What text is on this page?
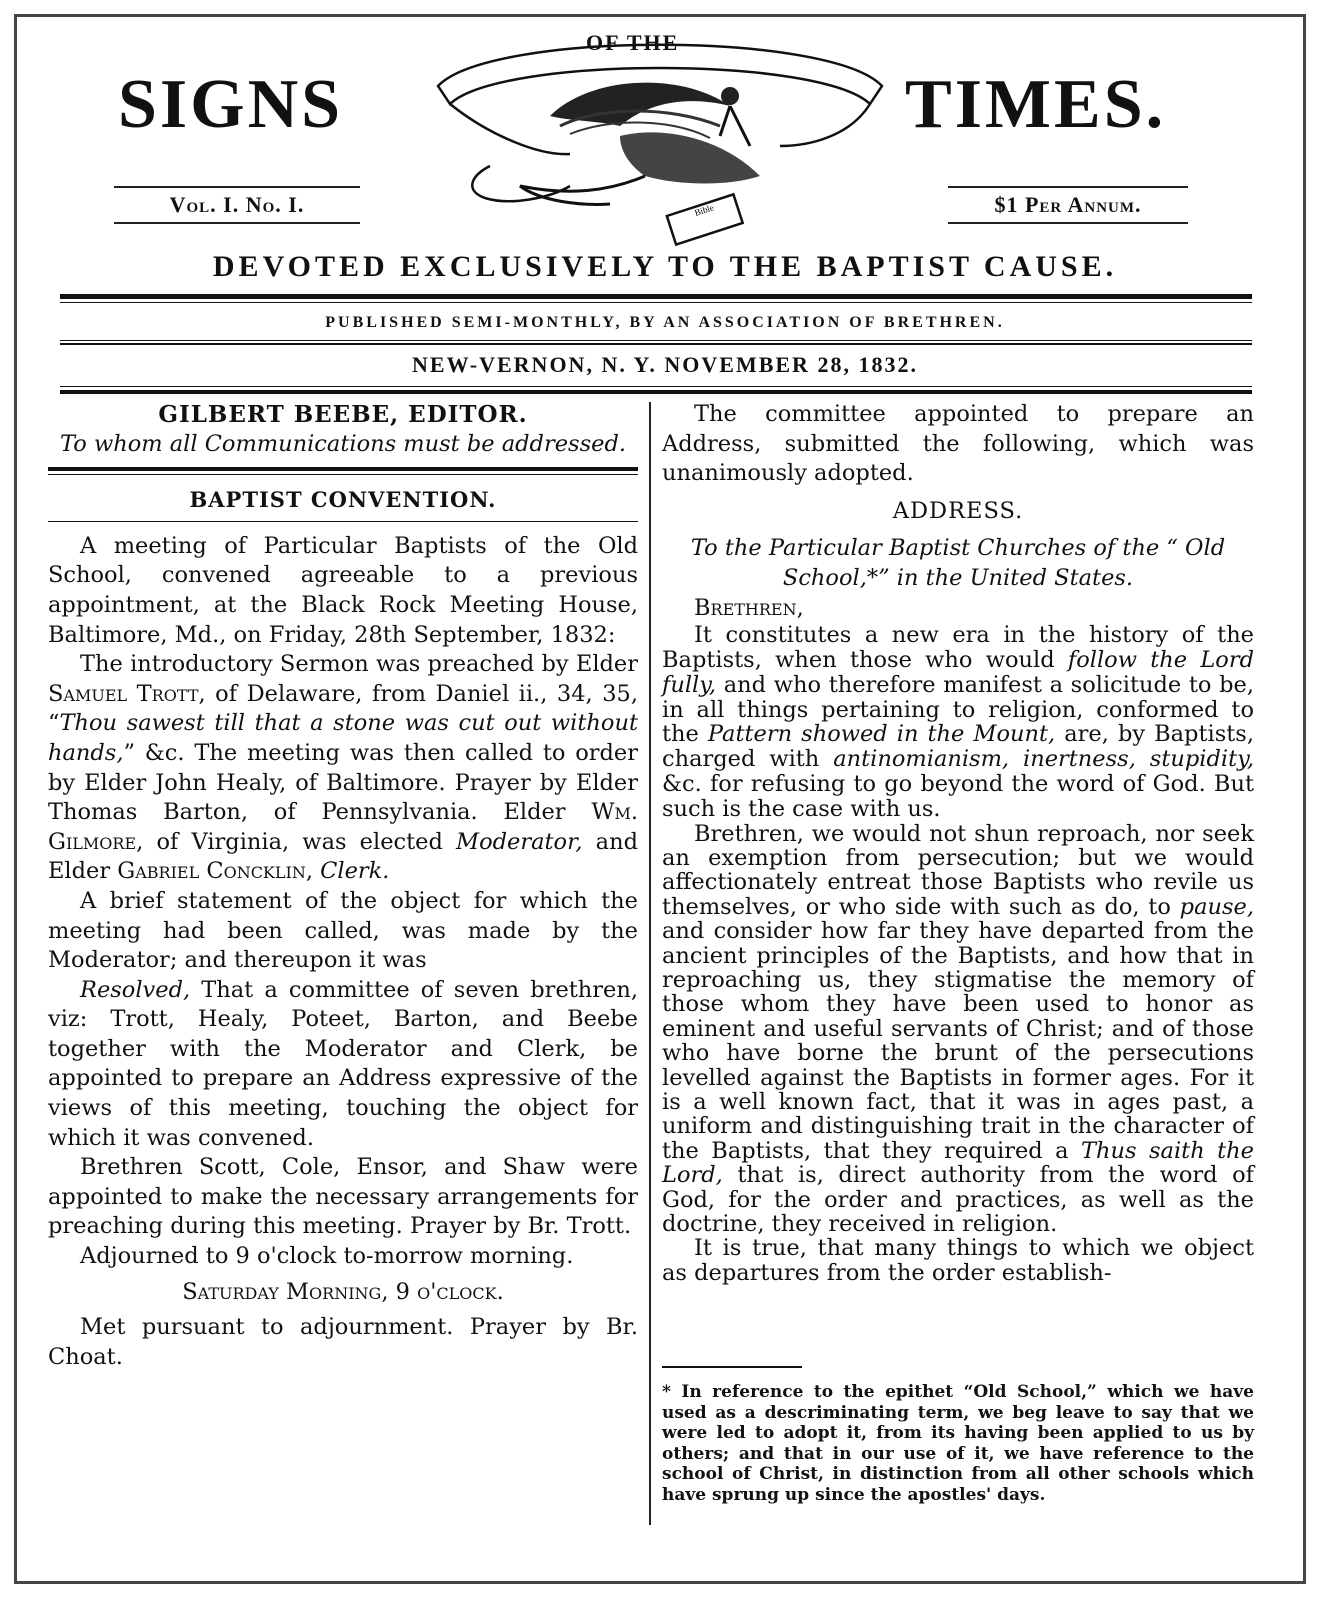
SIGNS	TIMES.
Bible
OF THE
Vol. I. No. I.	$1 Per Annum.
DEVOTED EXCLUSIVELY TO THE BAPTIST CAUSE.
PUBLISHED SEMI-MONTHLY, BY AN ASSOCIATION OF BRETHREN.
NEW-VERNON, N. Y. NOVEMBER 28, 1832.

GILBERT BEEBE, EDITOR.

To whom all Communications must be addressed.

BAPTIST CONVENTION.

A meeting of Particular Baptists of the Old School, convened agreeable to a previous appointment, at the Black Rock Meeting House, Baltimore, Md., on Friday, 28th September, 1832:

The introductory Sermon was preached by Elder Samuel Trott, of Delaware, from Daniel ii., 34, 35, “Thou sawest till that a stone was cut out without hands,” &c. The meeting was then called to order by Elder John Healy, of Baltimore. Prayer by Elder Thomas Barton, of Pennsylvania. Elder Wm. Gilmore, of Virginia, was elected Moderator, and Elder Gabriel Concklin, Clerk.

A brief statement of the object for which the meeting had been called, was made by the Moderator; and thereupon it was

Resolved, That a committee of seven brethren, viz: Trott, Healy, Poteet, Barton, and Beebe together with the Moderator and Clerk, be appointed to prepare an Address expressive of the views of this meeting, touching the object for which it was convened.

Brethren Scott, Cole, Ensor, and Shaw were appointed to make the necessary arrangements for preaching during this meeting. Prayer by Br. Trott.

Adjourned to 9 o'clock to-morrow morning.

Saturday Morning, 9 o'clock.

Met pursuant to adjournment. Prayer by Br. Choat.

The committee appointed to prepare an Address, submitted the following, which was unanimously adopted.

ADDRESS.

To the Particular Baptist Churches of the “ Old School,*” in the United States.

Brethren,

It constitutes a new era in the history of the Baptists, when those who would follow the Lord fully, and who therefore manifest a solicitude to be, in all things pertaining to religion, conformed to the Pattern showed in the Mount, are, by Baptists, charged with antinomianism, inertness, stupidity, &c. for refusing to go beyond the word of God. But such is the case with us.

Brethren, we would not shun reproach, nor seek an exemption from persecution; but we would affectionately entreat those Baptists who revile us themselves, or who side with such as do, to pause, and consider how far they have departed from the ancient principles of the Baptists, and how that in reproaching us, they stigmatise the memory of those whom they have been used to honor as eminent and useful servants of Christ; and of those who have borne the brunt of the persecutions levelled against the Baptists in former ages. For it is a well known fact, that it was in ages past, a uniform and distinguishing trait in the character of the Baptists, that they required a Thus saith the Lord, that is, direct authority from the word of God, for the order and practices, as well as the doctrine, they received in religion.

It is true, that many things to which we object as departures from the order establish-

* In reference to the epithet “Old School,” which we have used as a descriminating term, we beg leave to say that we were led to adopt it, from its having been applied to us by others; and that in our use of it, we have reference to the school of Christ, in distinction from all other schools which have sprung up since the apostles' days.
